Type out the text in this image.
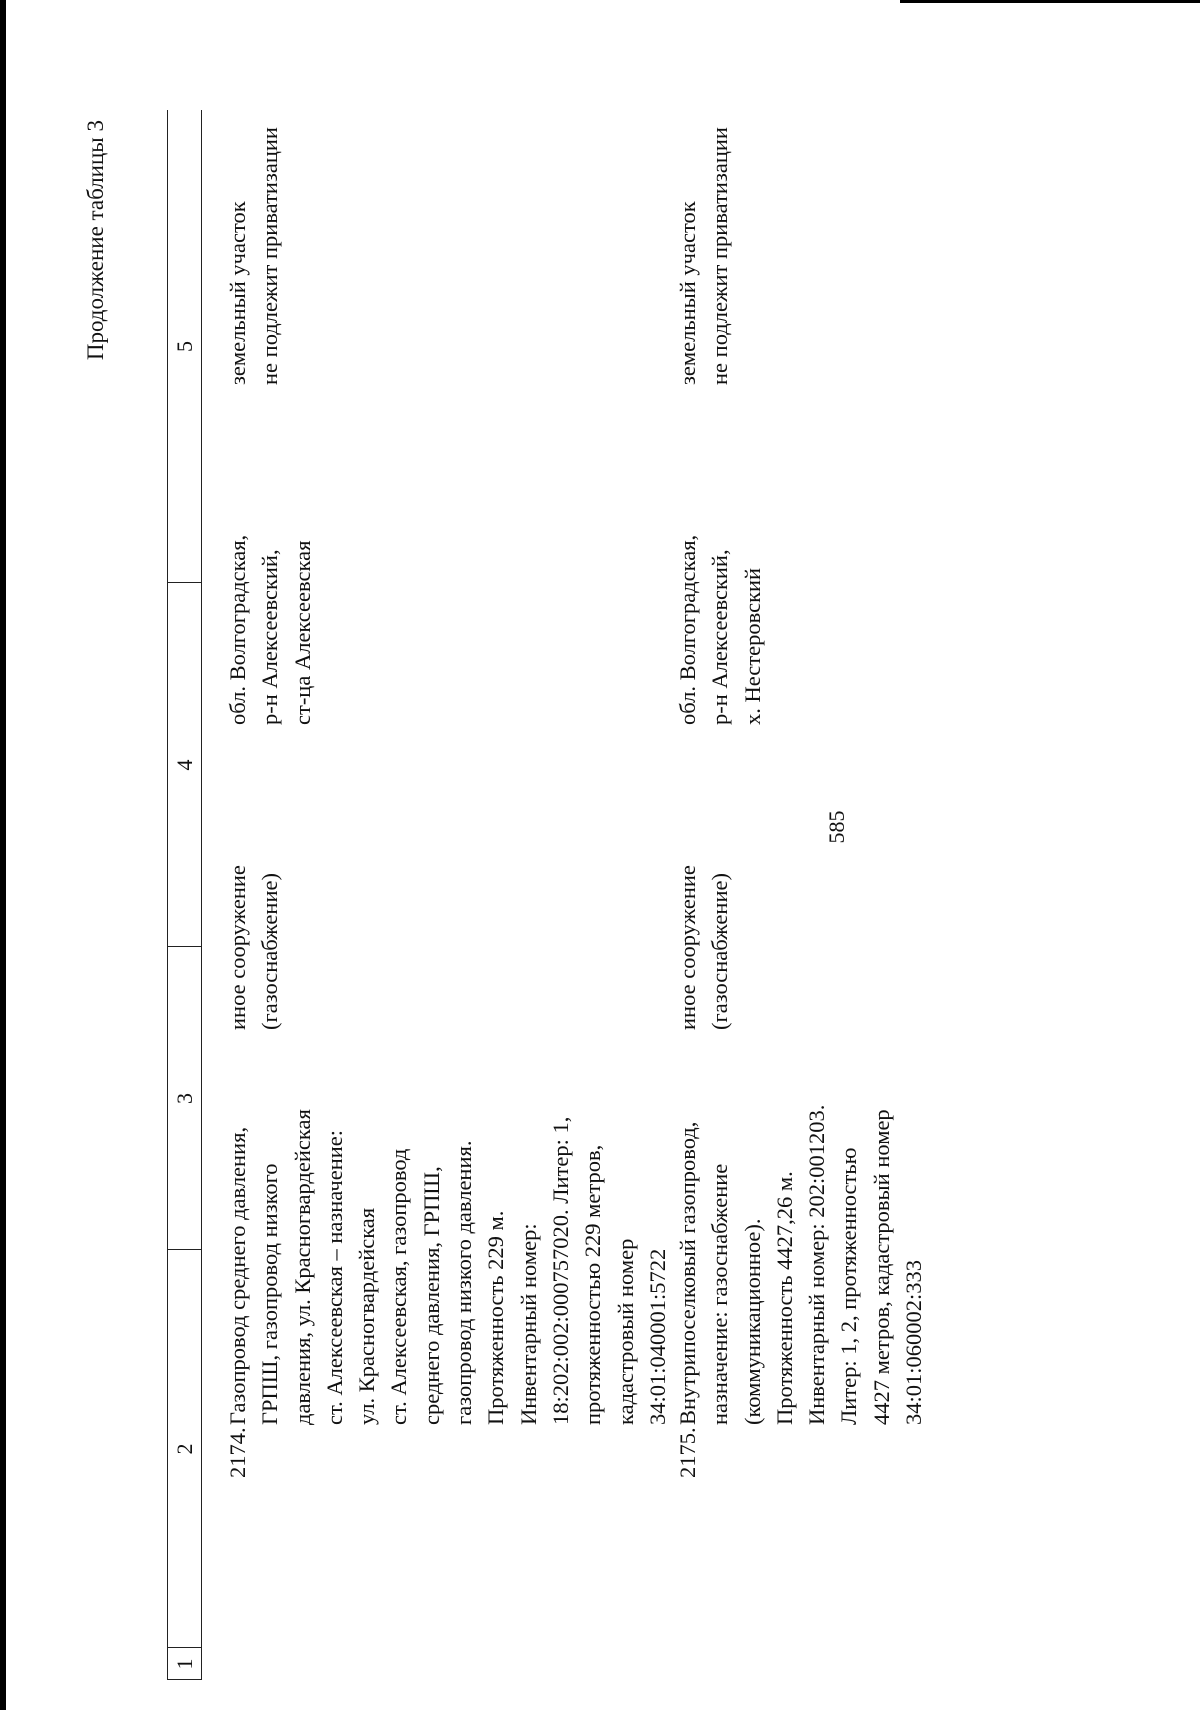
585
Продолжение таблицы 3
1
2
3
4
5
2174.
Газопровод среднего давления,
ГРПШ, газопровод низкого
давления, ул. Красногвардейская
ст. Алексеевская – назначение:
ул. Красногвардейская
ст. Алексеевская, газопровод
среднего давления, ГРПШ,
газопровод низкого давления.
Протяженность 229 м.
Инвентарный номер:
18:202:002:000757020. Литер: 1,
протяженностью 229 метров,
кадастровый номер
34:01:040001:5722
иное сооружение
(газоснабжение)
обл. Волгоградская,
р-н Алексеевский,
ст-ца Алексеевская
земельный участок
не подлежит приватизации
2175.
Внутрипоселковый газопровод,
назначение: газоснабжение
(коммуникационное).
Протяженность 4427,26 м.
Инвентарный номер: 202:001203.
Литер: 1, 2, протяженностью
4427 метров, кадастровый номер
34:01:060002:333
иное сооружение
(газоснабжение)
обл. Волгоградская,
р-н Алексеевский,
х. Нестеровский
земельный участок
не подлежит приватизации
